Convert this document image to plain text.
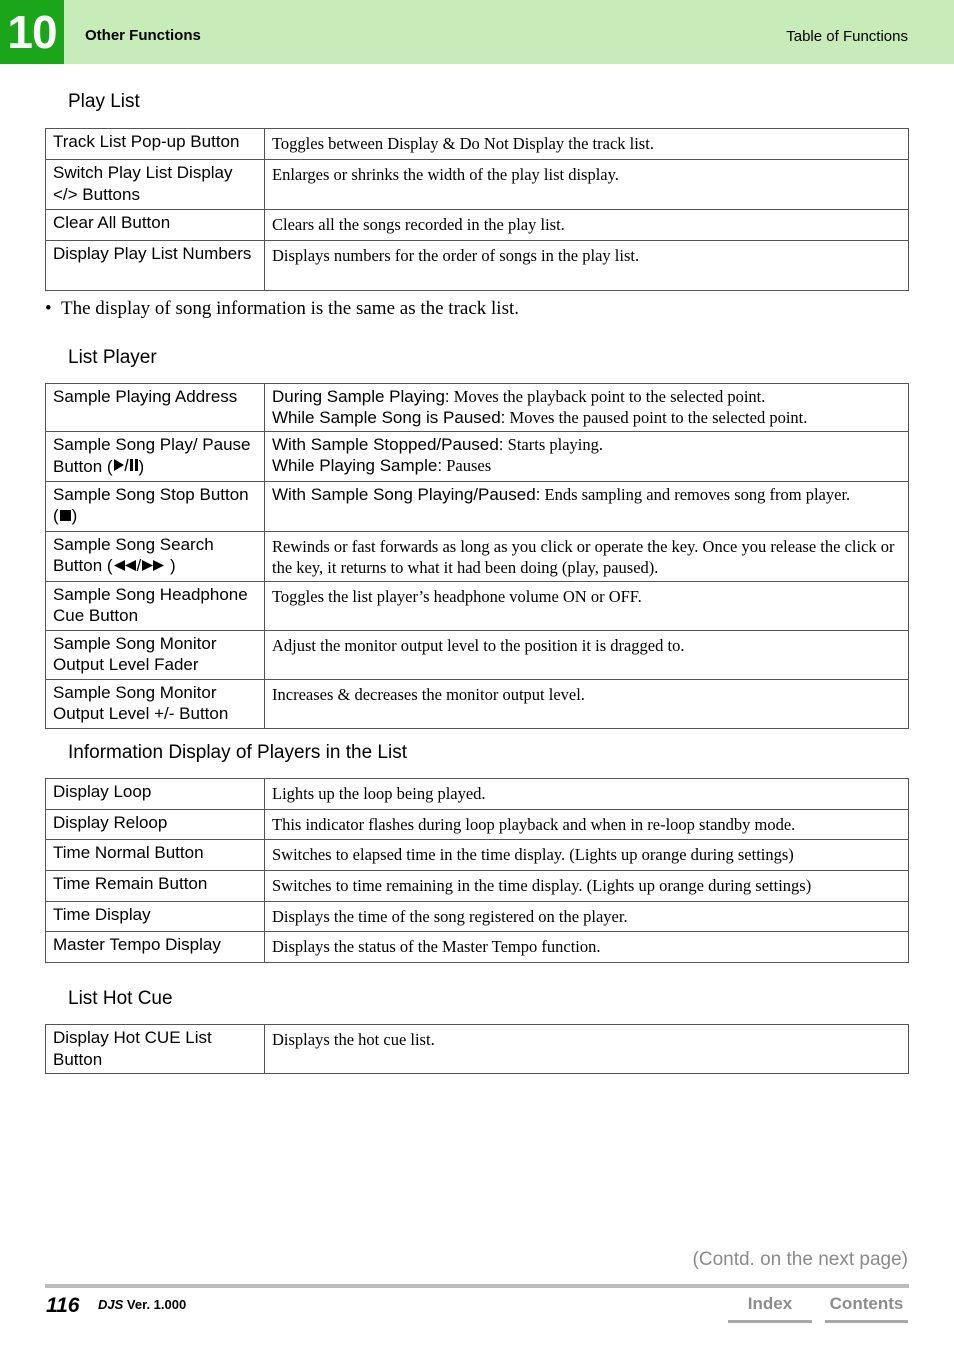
10	Other Functions	Table of Functions
Play List
Track List Pop-up Button	Toggles between Display & Do Not Display the track list.
Switch Play List Display </> Buttons	Enlarges or shrinks the width of the play list display.
Clear All Button	Clears all the songs recorded in the play list.
Display Play List Numbers	Displays numbers for the order of songs in the play list.
• The display of song information is the same as the track list.
List Player
Sample Playing Address	During Sample Playing: Moves the playback point to the selected point.
While Sample Song is Paused: Moves the paused point to the selected point.
Sample Song Play/ Pause Button ( )	With Sample Stopped/Paused: Starts playing.
While Playing Sample: Pauses
Sample Song Stop Button ( )	With Sample Song Playing/Paused: Ends sampling and removes song from player.
Sample Song Search Button ( / )	Rewinds or fast forwards as long as you click or operate the key. Once you release the click or the key, it returns to what it had been doing (play, paused).
Sample Song Headphone Cue Button	Toggles the list player’s headphone volume ON or OFF.
Sample Song Monitor Output Level Fader	Adjust the monitor output level to the position it is dragged to.
Sample Song Monitor Output Level +/- Button	Increases & decreases the monitor output level.
Information Display of Players in the List
Display Loop	Lights up the loop being played.
Display Reloop	This indicator flashes during loop playback and when in re-loop standby mode.
Time Normal Button	Switches to elapsed time in the time display. (Lights up orange during settings)
Time Remain Button	Switches to time remaining in the time display. (Lights up orange during settings)
Time Display	Displays the time of the song registered on the player.
Master Tempo Display	Displays the status of the Master Tempo function.
List Hot Cue
Display Hot CUE List Button	Displays the hot cue list.
(Contd. on the next page)
116 DJS Ver. 1.000	Index	Contents
